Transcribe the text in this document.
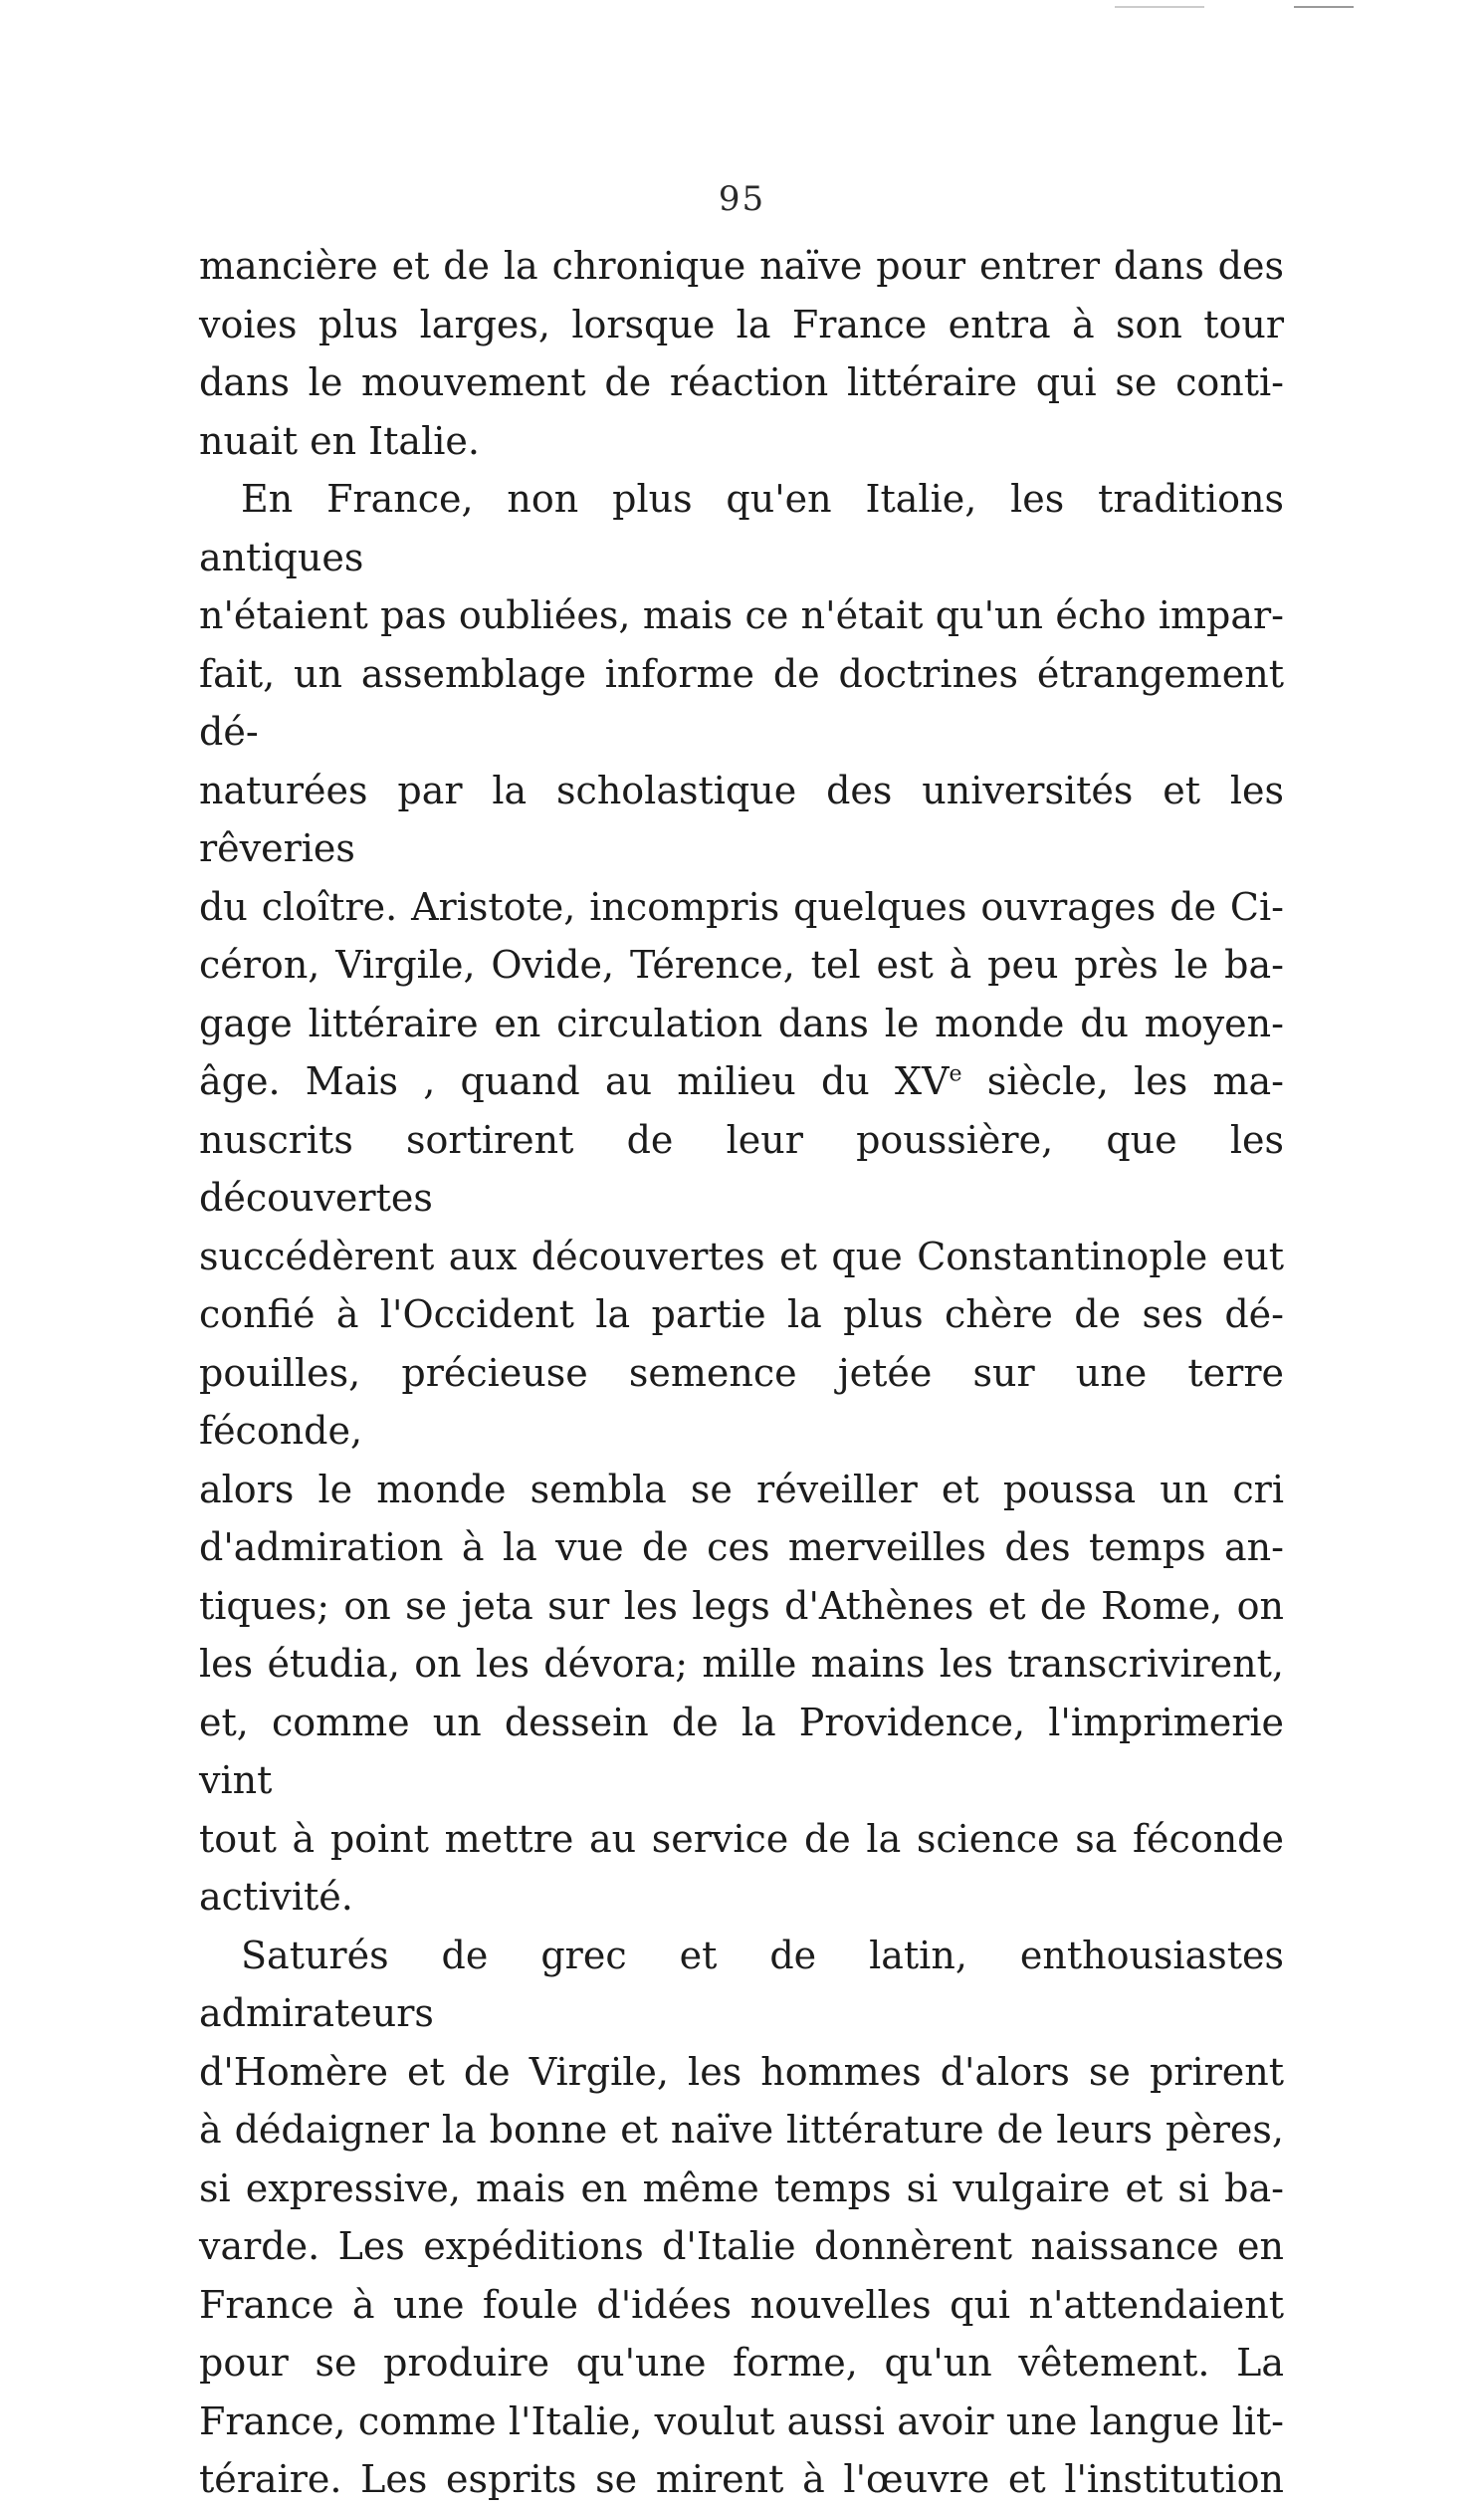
95

mancière et de la chronique naïve pour entrer dans des

voies plus larges, lorsque la France entra à son tour

dans le mouvement de réaction littéraire qui se conti-

nuait en Italie.

En France, non plus qu'en Italie, les traditions antiques

n'étaient pas oubliées, mais ce n'était qu'un écho impar-

fait, un assemblage informe de doctrines étrangement dé-

naturées par la scholastique des universités et les rêveries

du cloître. Aristote, incompris quelques ouvrages de Ci-

céron, Virgile, Ovide, Térence, tel est à peu près le ba-

gage littéraire en circulation dans le monde du moyen-

âge. Mais , quand au milieu du XVe siècle, les ma-

nuscrits sortirent de leur poussière, que les découvertes

succédèrent aux découvertes et que Constantinople eut

confié à l'Occident la partie la plus chère de ses dé-

pouilles, précieuse semence jetée sur une terre féconde,

alors le monde sembla se réveiller et poussa un cri

d'admiration à la vue de ces merveilles des temps an-

tiques; on se jeta sur les legs d'Athènes et de Rome, on

les étudia, on les dévora; mille mains les transcrivirent,

et, comme un dessein de la Providence, l'imprimerie vint

tout à point mettre au service de la science sa féconde

activité.

Saturés de grec et de latin, enthousiastes admirateurs

d'Homère et de Virgile, les hommes d'alors se prirent

à dédaigner la bonne et naïve littérature de leurs pères,

si expressive, mais en même temps si vulgaire et si ba-

varde. Les expéditions d'Italie donnèrent naissance en

France à une foule d'idées nouvelles qui n'attendaient

pour se produire qu'une forme, qu'un vêtement. La

France, comme l'Italie, voulut aussi avoir une langue lit-

téraire. Les esprits se mirent à l'œuvre et l'institution
